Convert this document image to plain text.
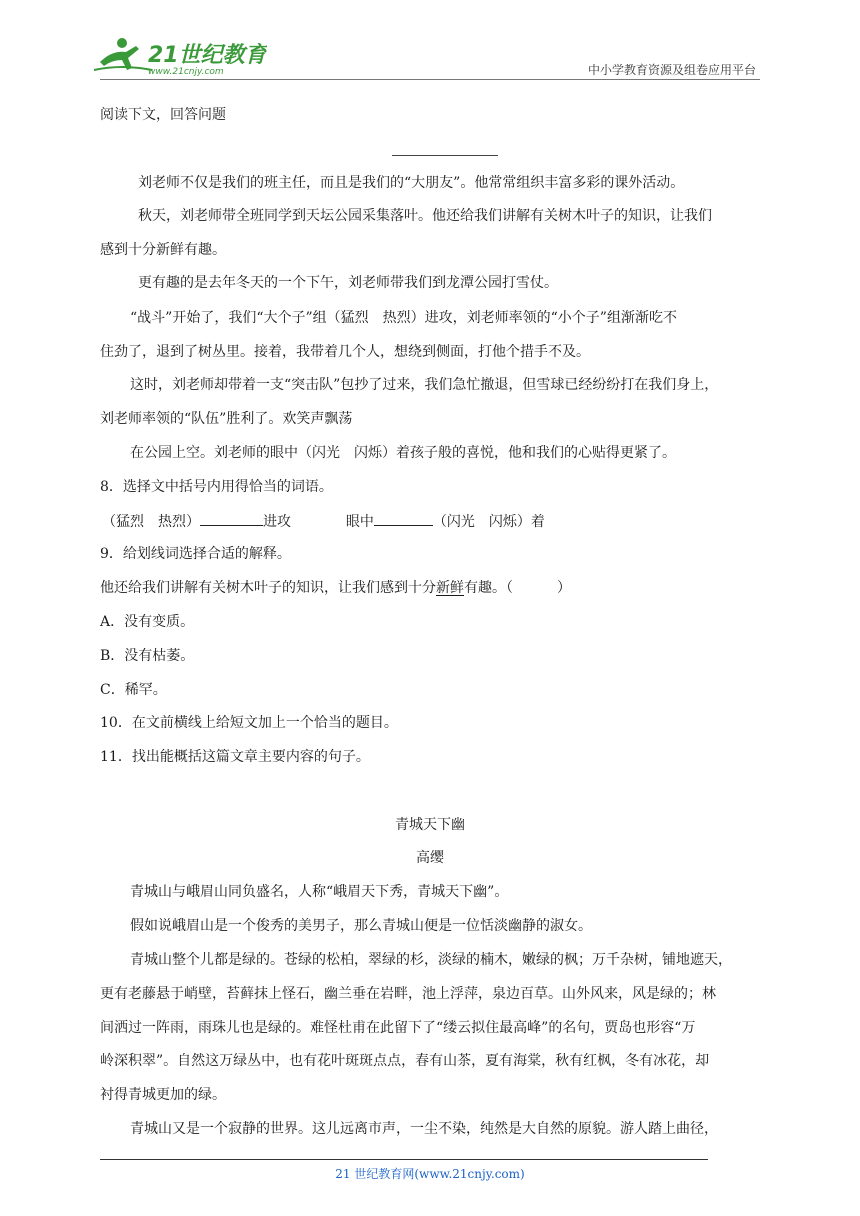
21世纪教育
www.21cnjy.com	中小学教育资源及组卷应用平台
阅读下文，回答问题
刘老师不仅是我们的班主任，而且是我们的“大朋友”。他常常组织丰富多彩的课外活动。
秋天，刘老师带全班同学到天坛公园采集落叶。他还给我们讲解有关树木叶子的知识，让我们
感到十分新鲜有趣。
更有趣的是去年冬天的一个下午，刘老师带我们到龙潭公园打雪仗。
“战斗”开始了，我们“大个子”组（猛烈　热烈）进攻，刘老师率领的“小个子”组渐渐吃不
住劲了，退到了树丛里。接着，我带着几个人，想绕到侧面，打他个措手不及。
这时，刘老师却带着一支“突击队”包抄了过来，我们急忙撤退，但雪球已经纷纷打在我们身上，
刘老师率领的“队伍”胜利了。欢笑声飘荡
在公园上空。刘老师的眼中（闪光　闪烁）着孩子般的喜悦，他和我们的心贴得更紧了。
8．选择文中括号内用得恰当的词语。
（猛烈　热烈）	进攻	眼中	（闪光　闪烁）着
9．给划线词选择合适的解释。
他还给我们讲解有关树木叶子的知识，让我们感到十分新鲜有趣。（	）
A．没有变质。
B．没有枯萎。
C．稀罕。
10．在文前横线上给短文加上一个恰当的题目。
11．找出能概括这篇文章主要内容的句子。
青城天下幽
高缨
青城山与峨眉山同负盛名，人称“峨眉天下秀，青城天下幽”。
假如说峨眉山是一个俊秀的美男子，那么青城山便是一位恬淡幽静的淑女。
青城山整个儿都是绿的。苍绿的松柏，翠绿的杉，淡绿的楠木，嫩绿的枫；万千杂树，铺地遮天，
更有老藤悬于峭壁，苔藓抹上怪石，幽兰垂在岩畔，池上浮萍，泉边百草。山外风来，风是绿的；林
间洒过一阵雨，雨珠儿也是绿的。难怪杜甫在此留下了“缕云拟住最高峰”的名句，贾岛也形容“万
岭深积翠”。自然这万绿丛中，也有花叶斑斑点点，春有山茶，夏有海棠，秋有红枫，冬有冰花，却
衬得青城更加的绿。
青城山又是一个寂静的世界。这儿远离市声，一尘不染，纯然是大自然的原貌。游人踏上曲径，
21 世纪教育网(www.21cnjy.com)
